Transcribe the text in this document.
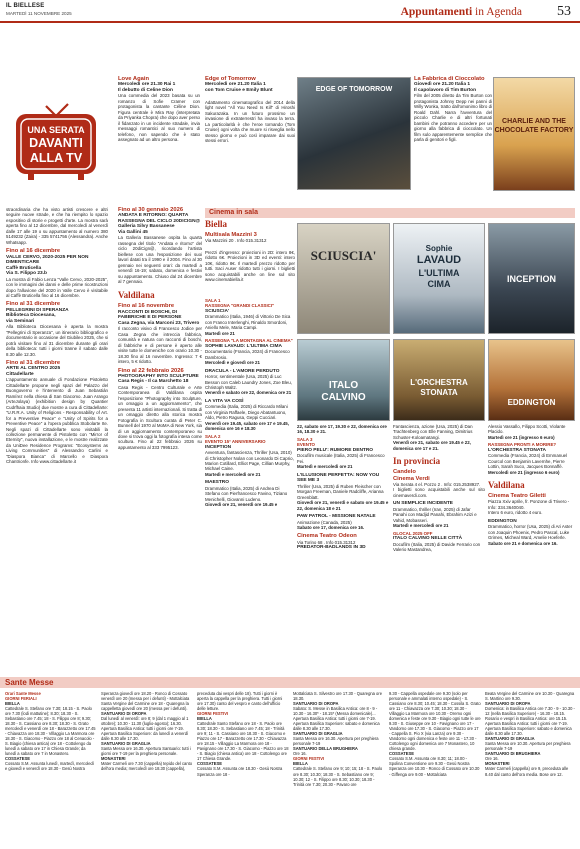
IL BIELLESE
MARTEDÌ 11 NOVEMBRE 2025	Appuntamenti in Agenda	53
UNA SERATA
DAVANTI
ALLA TV
Love Again
Mercoledì ore 21.30 Rai 1
Il debutto di Celine Dion

Una commedia del 2023 basata su un romanzo di Sofie Cramer con protagonista la cantante Céline Dion. Figura centrale è Mira Ray (interpretata da Priyanka Chopra) che dopo aver perso il fidanzato in un incidente stradale, invia messaggi romantici al suo numero di telefono, non sapendo che è stato assegnato ad un altro persona.

Edge of Tomorrow
Mercoledì ore 21.20 Italia 1
con Tom Cruise e Emily Blunt

Adattamento cinematografico del 2014 della light novel "All You Need Is Kill" di Hiroshi Sakurazaka. In un futuro prossimo un invasione di extraterrestri ha invaso la terra. La particolarità è che l'eroe tornando (Tom Cruise) ogni volta che muore si risveglia nello stesso giorno e può così imparare dai suoi stessi errori.

EDGE OF TOMORROW
La Fabbrica di Cioccolato
Giovedì ore 21.20 Italia 1
Il capolavoro di Tim Burton

Film del 2005 diretto da Tim Burton con protagonista Johnny Depp nei panni di Willy Wonka, tratto dall'omonimo libro di Roald Dahl. Narra l'avventura del piccolo Charlie e di altri fortunati bambini che potranno accedere per un giorno alla fabbrica di cioccolato. Un film sulo apparentemente semplice che parla di genitori e figli.

CHARLIE AND THE CHOCOLATE FACTORY

straordinaria che ha visto artisti crescere e altri seguire nuove strade, e che ha riempito lo spazio espositivo di storie e progetti d'arte. La mostra sarà aperta fino al 12 dicembre, dal mercoledì al venerdì dalle 17 alle 19 o su appuntamento al numero 380 5149232 (Zaira) - 335 5741756 (Alessandra). Anche Whatsapp.

Fino al 16 dicembre
VALLE CERVO, 2020-2025 PER NON DIMENTICARE
Caffè Bruticella
Via S. Filippo 23.b

La mostra di Fabio Lenza "Valle Cervo, 2020-2025", con le immagini dei danni e delle prime ricostruzioni dopo l'alluvione del 2020 in Valle Cervo è visitabile al Caffè Bruticella fino al 16 dicembre.

Fino al 31 dicembre
PELLEGRINI DI SPERANZA
Biblioteca Diocesana,
via Seminari

Alla Biblioteca Diocesana è aperta la mostra "Pellegrini di Speranza", un itinerario bibliografico e documentario in occasione del Giubileo 2025, che si potrà visitare fino al 31 dicembre durante gli orari della biblioteca: tutti i giorni tranne il sabato dalle 8.30 alle 12.30.

Fino al 31 dicembre
ARTE AL CENTRO 2025
Cittadellarte

L'appuntamento annuale di Fondazione Pistoletto Cittadellarte propone negli spazi del Palazzo del Buongoverno e l'intervento di Juan Sebastián Ramírez nella chiesa di San Giacomo. Juan Arango (ArteJolaya) (exhibition design by Quantier Cudrfhaia Studio) due mostre a cura di Cittadellarte: "U.R.R.A. Unity of Religions - Responsability of Art. for a Preventive Peace" e "Unity of Spirits for a Preventive Peace" a l'opera pubblica Stobolarte Ite. Negli spazi di Cittadellarte sono visitabili la collezione permanente di Pistoletto con "Mirror of Eternity", nuova installazione, e le mostre realizzate da UniDee Residence Programs: "Ecosystems as Living Communities" di Alessandro Carlini e "Diaspora Bianca" di Marcello e Diaspora Chantrionfe. Info www.cittadellarte.it

Fino al 30 gennaio 2026
ANDATA E RITORNO: QUARTA RASSEGNA DEL CICLO 20DICIGN@
Galleria Silvy Bassanese
Via Gallini 45

La Galleria Bassanese ospita la quarta rassegna del titolo "Andata e ritorno" del ciclo 20diCign@, ricordando l'artista biellese con una l'esposizione dei suoi lavori datati tra il 1990 e il 2004. Fino al 30 gennaio nei seguenti orari: da martedì a venerdì 16-19; sabato, domenica e festivi su appuntamento. Chiuso dal 24 dicembre al 7 gennaio.

Valdilana
Fino al 16 novembre
RACCONTI DI BOSCHI, DI FABBRICHE E DI PERSONE
Casa Zegna, via Marconi 23, Trivero

Il racconto visivo di Francesco Jodice per Casa Zegna che intreccia fabbrica, comunità e natura con racconti di boschi, di fabbriche e di persone è aperto alle visite tutte le domeniche con orario 10.30 - 18.30 fino al 16 novembre. Ingresso: 7 € intero, 5 € ridotto.

Fino al 22 febbraio 2026
PHOTOGRAPHY INTO SCULPTURE
Casa Regis - Il ca Marchetto 18

Casa Regis - Centro Culturale e Arte Contemporanea di Valdilana ospita l'esposizione "Photography into Sculpture, un omaggio a un aggiornamento", che presenta 11 artisti internazionali. Si tratta di un omaggio diretto alla storica mostra Fotografia in Scultura curata di Peter C. Bunnell del 1970 al MoMA di New York, sia di un aggiornamento contemporaneo su dove si trova oggi la fotografia intesa come scultura. Fino al 22 febbraio 2026 su appuntamento al 333 7995123.

Cinema in sala
Biella
Multisala Mazzini 3
Via Mazzini 20 . Info 015.31312

Prezzi d'ingresso: proiezioni in 2D: intero 8€, ridotto 6€. Proiezioni in 3D ed eventi: intero 10€, ridotto 8€. Il martedì prezzo ridotto per tutti. Saci Auser ridotto tutti i giorni. I biglietti sono acquistabili anche on line sul sito www.cinemabiella.it

SALA 1
RASSEGNA "GRANDI CLASSICI"
SCIUSCIA'
Drammatico (Italia, 1946) di Vittorio De Sica con Franco Interlenghi, Rinaldo Smordoni, Aniello Mele, Maria Campi.
Martedì ore 21
RASSEGNA "LA MONTAGNA AL CINEMA"
SOPHIE LAVAUD: L'ULTIMA CIMA
Documentario (Francia, 2024) di Francesco Dambrosio.
Mercoledì e giovedì ore 21
DRACULA - L'AMORE PERDUTO
Horror, sentimentale (Usa, 2025) di Luc Besson con Caleb Laundry Jones, Zoe Bleu, Christoph Waltz.
Venerdì e sabato ore 22, domenica ore 21
LA VITA VA COSÌ
Commedia (Italia, 2025) di Riccardo Milani con Virginia Raffaele, Diego Abatantuono, Aldo, Pietro Ragusa, Geppi Cucciari.
Venerdì ore 19.45, sabato ore 17 e 19.45, domenica ore 16 e 18.30
SALA 2
EVENTO 15° ANNIVERSARIO
INCEPTION
Avventura, fantascienza, Thriller (Usa, 2010) di Christopher Nolan con Leonardo Di Caprio, Marion Cotillard, Elliot Page, Cillian Murphy, Michael Caine.
Martedì e mercoledì ore 21
MAESTRO
Drammatico (Italia, 2025) di Andrea Di Stefano con Pierfrancesco Favino, Tiziano Menichelli, Giovanni Ludeno.
Giovedì ore 21, venerdì ore 19.45 e
SCIUSCIA'	Sophie
LAVAUD
L'ULTIMA
CIMA	INCEPTION
ITALO
CALVINO
L'ORCHESTRA
STONATA
EDDINGTON
22, sabato ore 17, 19.30 e 22, domenica ore 16, 18.30 e 21.
SALA 3
EVENTO
PIERO PELU': RUMORE DENTRO
Docufilm musicale (Italia, 2025) di Francesco Fei.
Martedì e mercoledì ore 21
L'ILLUSIONE PERFETTA: NOW YOU SEE ME 3
Thriller (Usa, 2025) di Ruben Fleischer con Morgan Freeman, Daniele Radcliffe, Arianna Greenblatt.
Giovedì ore 21, venerdì e sabato ore 19.45 e 22, domenica 18 e 21
PAW PATROL - MISSIONE NATALE
Animazione (Canada, 2025)
Sabato ore 17, domenica ore 16.
Cinema Teatro Odeon
Via Torino 68 . Info 015.31312
PREDATOR-BADLANDS IN 3D
Fantascienza, azione (Usa, 2025) di Dan Trachtenberg con Elle Fanning, Dimitrius Schuster-Koloamatangi.
Venerdì ore 21, sabato ore 19.45 e 22, domenica ore 17 e 21.
In provincia
Candelo
Cinema Verdi
Via Serata 4 el. Pozzo 2 . Info: 015.2538927.

I biglietti sono acquistabili anche sul sito cinemaverdi.com.

UN SEMPLICE INCIDENTE
Drammatico, thriller (Iran, 2025) di Jafar Panahi con Madjid Panahi, Ebrahim Azizi e Vahid, Mobasseri.
Martedì e mercoledì ore 21
GLOCAL 2025 OFF
ITALO CALVINO NELLE CITTÀ
Docufilm (Italia, 2025) di Davide Ferrario con Valerio Mastandrea,
Alessio Vassallo, Filippo Scotti, Violante Placido.
Martedì ore 21 (ingresso 6 euro)
RASSEGNA PRONTI A MORIRE?
L'ORCHESTRA STONATA
Commedia (Francia, 2024) di Emmanuel Courcol con Benjamin Lavernhe, Pierre Lottin, Sarah Suco, Jacques Bonnaffé.
Mercoledì ore 21 (ingresso 6 euro)
Valdilana
Cinema Teatro Giletti
Piazza Xxiv aprile, fr. Ponzone di Trivero - Info: 334.3640040.
Intero 6 euro, ridotto 4 euro.
EDDINGTON
Drammatico, horror (Usa, 2025) di Ari Aster con Joaquin Phoenix, Pedro Pascal, Luke Grimes, Micheal Ward, Amelie Hoeferle.
Sabato ore 21 e domenica ore 16.
Sante Messe
Orari Sante Messe
GIORNI FERIALI
BIELLA
Cattedrale S. Stefano ore 7.30; 18.15 - S. Paolo ore 7.30 (lodi mattutine); 8.30; 18.30 - S. Sebastiano ore 7.45; 18 - S. Filippo ore 8; 9.30; 18.30 - S. Cassiano ore 8.30; 18.30 - S. Grato mercoledì e venerdì ore 18 - Barazzetto ore 17.45 - Chiavazza ore 18.30 - Villaggio La Marmora ore 18.30 - S. Giacomo - Piazzo ore 18 al Cenacolo - S. Biagio (chiesa antica) ore 18 - Cottolengo da lunedì a sabato ore 17 in Chiesa Grande; da lunedì a sabato ore 7 in Monastero.
COSSATESE
Cossato S.M. Assunta lunedì, martedì, mercoledì e giovedì e venerdì ore 18.30 - Gesù Nostra
Speranza giovedì ore 18.20 - Ronco di Cossato venerdì ore 20 (messa per i defunti) - Mottalciata Santa Vergine del Carmine ore 18 - Quaregna la cappelletta giovedì ore 20 (messa per i defunti).
SANTUARIO DI OROPA
Dal lunedì al venerdì: ore 8; 9 (dal 1 maggio al 1 ottobre); 10.30 - 11.30 (luglio-agosto); 16.30. Apertura Basilica Antica: tutti i giorni ore 7-19. Apertura Basilica Superiore: da lunedì a venerdì dalle 8.30 alle 17.30.
SANTUARIO DI GRAGLIA
Santa Messa ore 16.30. Apertura Santuario: tutti i giorni ore 7-19 per la preghiera personale.
MONASTERI
Mater Carmeli ore 7.30 (cappella) tepido del canto dell'ora media; mercoledì ore 18.30 (cappella),
preceduta dai vespri delle 18). Tutti i giorni è aperta la cappella per la preghiera. Tutti i giorni ore 17.30) canto del vespro e canto dell'ufficio delle letture.
GIORNI FESTIVI
BIELLA
Cattedrale Santo Stefano ore 18 - S. Paolo ore 8.30; 18.30 - S. Sebastiano ore 7.45; 18 - Trinità ore 9; 11 - S. Cassiano ore 18.30 - S. Giacomo e Piazzo ore 17 - Barazzetto ore 17.30 - Chiavazza ore 18.15 - Villaggio La Marmora ore 18 - Pavignano ore 17.30 - S. Giacomo - Piazzo ore 18 - S. Biagio (chiesa antica) ore 18 - Cottolengo ore 17 Chiesa Grande.
COSSATESE
Cossato S.M. Assunta ore 18.30 - Gesù Nostra Speranza ore 18 -
Mottalciata S. Silvestro ore 17.30 - Quaregna ore 18.30.
SANTUARIO DI OROPA
Sabato: S. Messe in Basilica Antica: ore 8 - 9 - 10.30 - 16.30* - 18.15* (Messa domenicale)... Apertura Basilica Antica: tutti i giorni ore 7-19. Apertura Basilica Superiore: sabato e domenica dalle 8.30 alle 17.30.
SANTUARIO DI GRAGLIA
Santa Messa ore 16.30. Apertura per preghiera personale 7-19
SANTUARIO DELLA BRUGHIERA
Ore 16.
GIORNI FESTIVI
BIELLA
Cattedrale S. Stefano ore 9; 10; 15; 18 - S. Paolo ore 8.30; 10.30; 18.30 - S. Sebastiano ore 9; 10.30; 12 - S. Filippo ore 8.30; 10.30; 18.30 - Trinità ore 7.30; 20.30 - Pavaro ore
9.30 - Cappella ospedale ore 9.30 (solo per personale e ammalati interno ospedale) - S. Cassiano ore 8.30; 10.45; 18.30 - Cossila S. Grato ore 11 - Chiavazza ore 7.30; 10.30; 18.30 - Villaggio La Marmora ore 10.30 - Oremo ogni domenica e feste ore 9.30 - Biagio ogni tutte le ore 9.30 - S. Giuseppe ore 10 - Favignano ore 17 - Vandorno ore 17.30 - S. Giacomo - Piazzo ore 17 - Cappella S. Pio X (via Lanza) ore 9.30 - Vandorno ogni domenica e feste ore 11 - 17.30 - Cottolengo ogni domenica ore 7 Monastero, 10 chiesa grande.
COSSATESE
Cossato S.M. Assunta ore 8.30; 11; 18.00 - Spolina Conventione ore 9.30 - Gesù Nostra Speranza ore 10.30 - Ronco di Cossato ore 10.30 - Giffenga ore 9.00 - Mottalciata
Beata Vergine del Carmine ore 10.30 - Quaregna S. Martino ore 9.30.
SANTUARIO DI OROPA
Domenica: in Basilica Antica ore 7.30 - 9 - 10.30 - 12 (nella Basilica Superiore) - 16.30 - 18.15. Rosario e vespri in Basilica Antica: ore 15.15. Apertura Basilica Antica: tutti i giorni ore 7-19. Apertura Basilica Superiore: sabato e domenica dalle 8.30 alle 17.30.
SANTUARIO DI GRAGLIA
Santa Messa ore 10.30. Apertura per preghiera personale 7-19
SANTUARIO DI BRUGHIERA
Ore 16.
MONASTERI
Mater Carmeli (cappella) ore 9, preceduta alle 8.40 dal canto dell'ora media. Bose ore 12.
